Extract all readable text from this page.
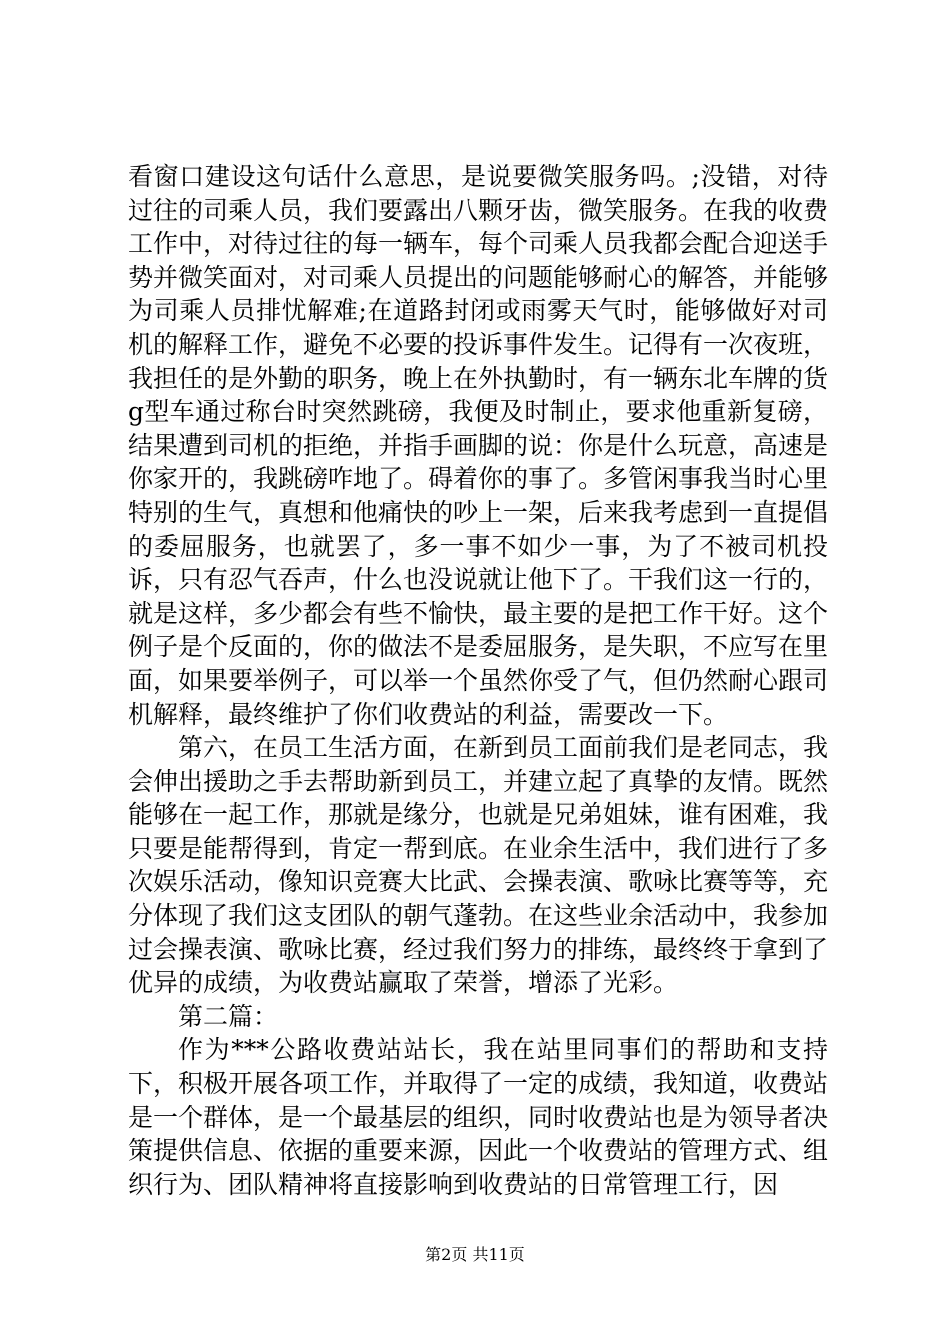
看窗口建设这句话什么意思，是说要微笑服务吗。;没错，对待过往的司乘人员，我们要露出八颗牙齿，微笑服务。在我的收费工作中，对待过往的每一辆车，每个司乘人员我都会配合迎送手势并微笑面对，对司乘人员提出的问题能够耐心的解答，并能够为司乘人员排忧解难;在道路封闭或雨雾天气时，能够做好对司机的解释工作，避免不必要的投诉事件发生。记得有一次夜班，我担任的是外勤的职务，晚上在外执勤时，有一辆东北车牌的货g型车通过称台时突然跳磅，我便及时制止，要求他重新复磅，结果遭到司机的拒绝，并指手画脚的说：你是什么玩意，高速是你家开的，我跳磅咋地了。碍着你的事了。多管闲事我当时心里特别的生气，真想和他痛快的吵上一架，后来我考虑到一直提倡的委屈服务，也就罢了，多一事不如少一事，为了不被司机投诉，只有忍气吞声，什么也没说就让他下了。干我们这一行的，就是这样，多少都会有些不愉快，最主要的是把工作干好。这个例子是个反面的，你的做法不是委屈服务，是失职，不应写在里面，如果要举例子，可以举一个虽然你受了气，但仍然耐心跟司机解释，最终维护了你们收费站的利益，需要改一下。

第六，在员工生活方面，在新到员工面前我们是老同志，我会伸出援助之手去帮助新到员工，并建立起了真挚的友情。既然能够在一起工作，那就是缘分，也就是兄弟姐妹，谁有困难，我只要是能帮得到，肯定一帮到底。在业余生活中，我们进行了多次娱乐活动，像知识竞赛大比武、会操表演、歌咏比赛等等，充分体现了我们这支团队的朝气蓬勃。在这些业余活动中，我参加过会操表演、歌咏比赛，经过我们努力的排练，最终终于拿到了优异的成绩，为收费站赢取了荣誉，增添了光彩。

第二篇：

作为***公路收费站站长，我在站里同事们的帮助和支持下，积极开展各项工作，并取得了一定的成绩，我知道，收费站是一个群体，是一个最基层的组织，同时收费站也是为领导者决策提供信息、依据的重要来源，因此一个收费站的管理方式、组织行为、团队精神将直接影响到收费站的日常管理工行，因

第2页 共11页
